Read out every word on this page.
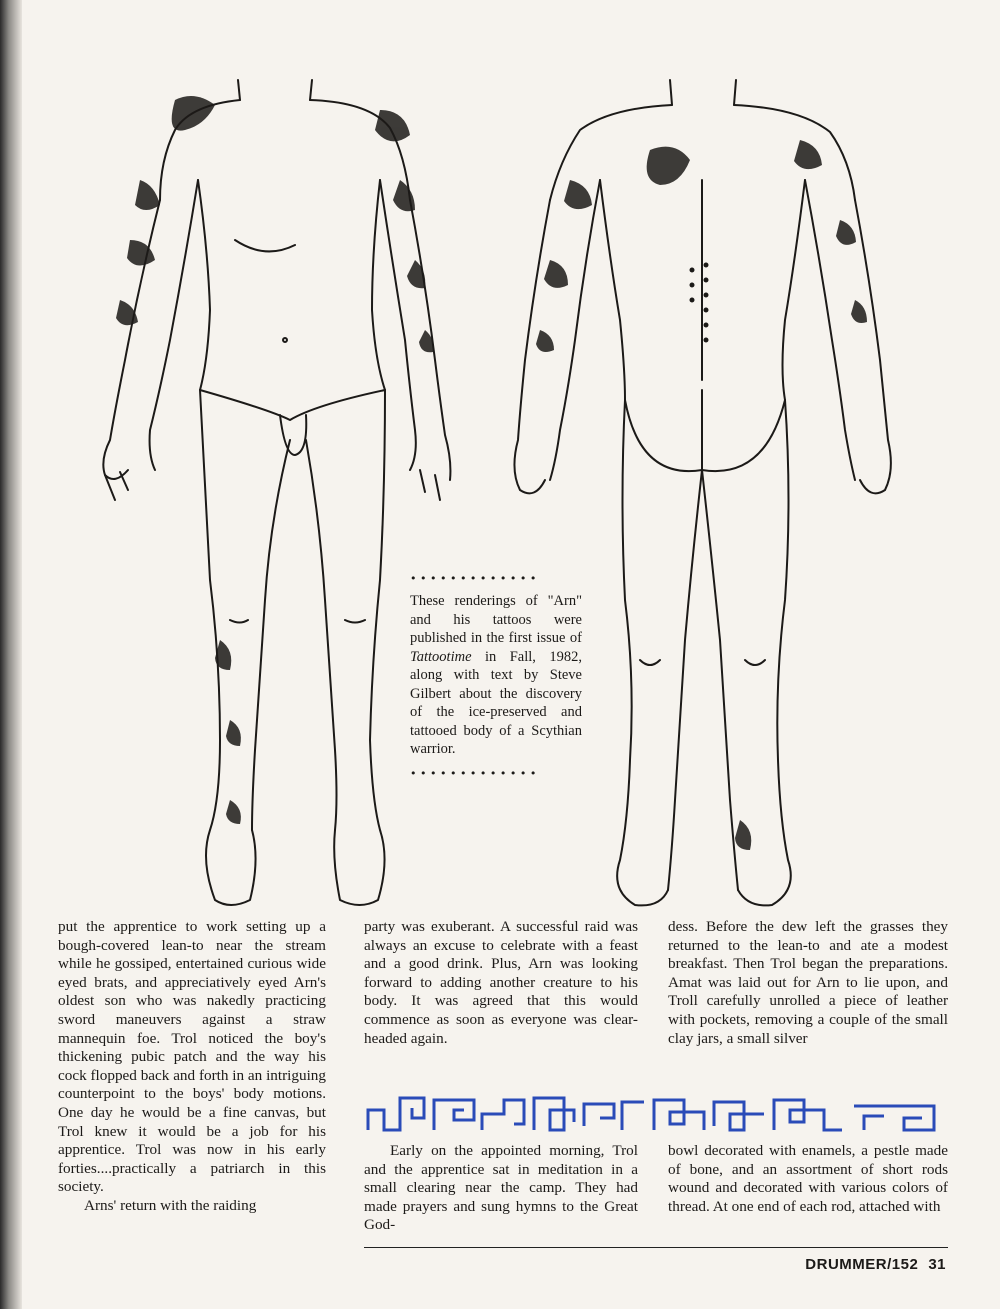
•••••••••••••
These renderings of "Arn" and his tattoos were published in the first issue of Tattootime in Fall, 1982, along with text by Steve Gilbert about the discovery of the ice-preserved and tattooed body of a Scythian warrior.
•••••••••••••

put the apprentice to work setting up a bough-covered lean-to near the stream while he gossiped, entertained curious wide eyed brats, and appreciatively eyed Arn's oldest son who was nakedly practicing sword maneuvers against a straw mannequin foe. Trol noticed the boy's thickening pubic patch and the way his cock flopped back and forth in an intriguing counterpoint to the boys' body motions. One day he would be a fine canvas, but Trol knew it would be a job for his apprentice. Trol was now in his early forties....practically a patriarch in this society.

Arns' return with the raiding

party was exuberant. A successful raid was always an excuse to celebrate with a feast and a good drink. Plus, Arn was looking forward to adding another creature to his body. It was agreed that this would commence as soon as everyone was clear-headed again.

dess. Before the dew left the grasses they returned to the lean-to and ate a modest breakfast. Then Trol began the preparations. Amat was laid out for Arn to lie upon, and Troll carefully unrolled a piece of leather with pockets, removing a couple of the small clay jars, a small silver

Early on the appointed morning, Trol and the apprentice sat in meditation in a small clearing near the camp. They had made prayers and sung hymns to the Great God-

bowl decorated with enamels, a pestle made of bone, and an assortment of short rods wound and decorated with various colors of thread. At one end of each rod, attached with

DRUMMER/152 31
